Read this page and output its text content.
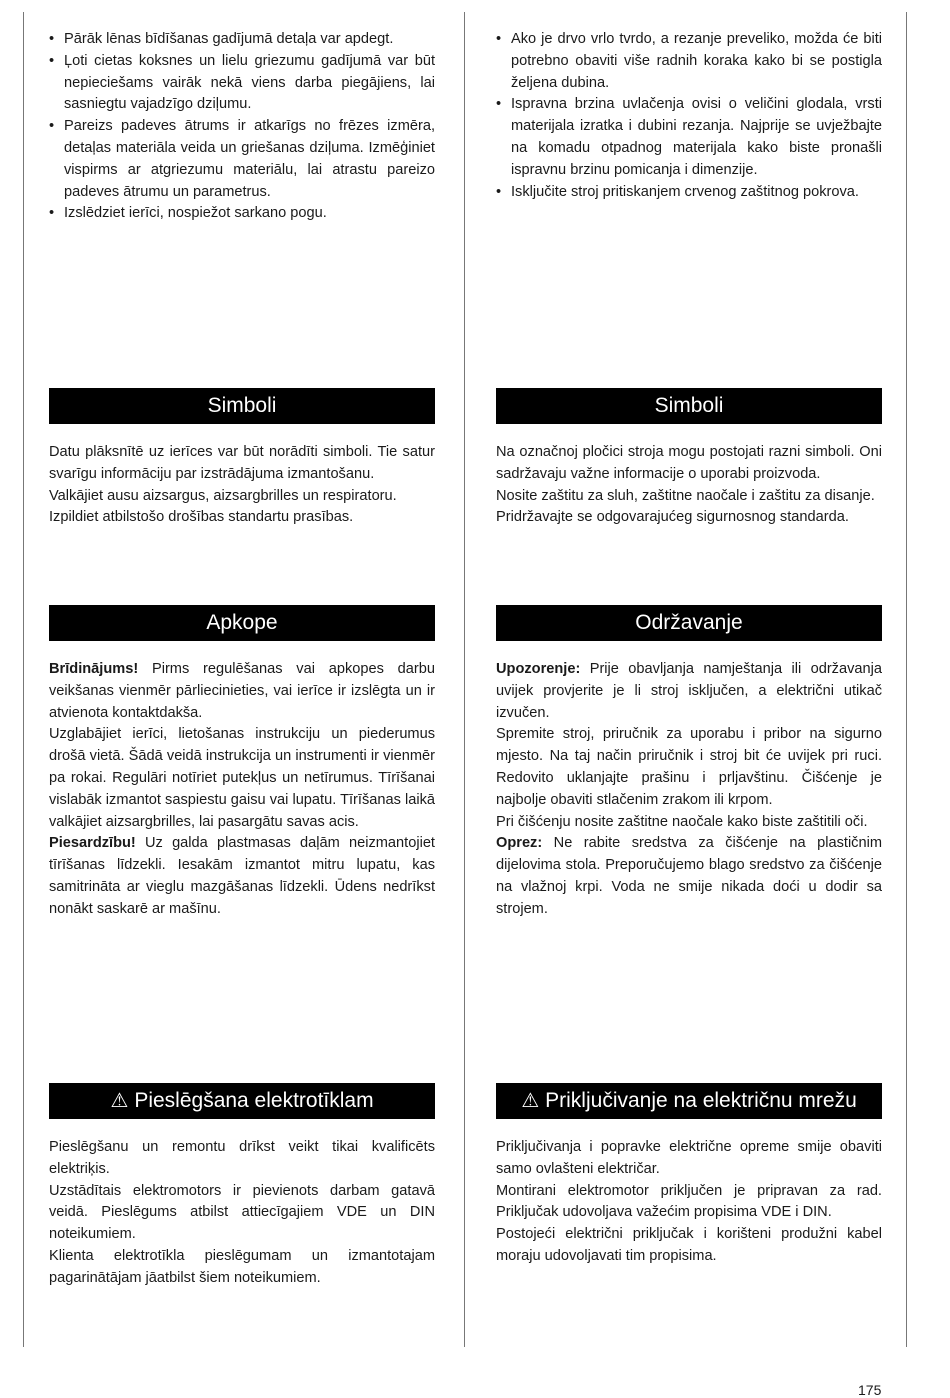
• Pārāk lēnas bīdīšanas gadījumā detaļa var apdegt.
• Ļoti cietas koksnes un lielu griezumu gadījumā var būt nepieciešams vairāk nekā viens darba piegājiens, lai sasniegtu vajadzīgo dziļumu.
• Pareizs padeves ātrums ir atkarīgs no frēzes izmēra, detaļas materiāla veida un griešanas dziļuma. Izmēģiniet vispirms ar atgriezumu materiālu, lai atrastu pareizo padeves ātrumu un parametrus.
• Izslēdziet ierīci, nospiežot sarkano pogu.
Simboli

Datu plāksnītē uz ierīces var būt norādīti simboli. Tie satur svarīgu informāciju par izstrādājuma izmantošanu.

Valkājiet ausu aizsargus, aizsargbrilles un respiratoru.

Izpildiet atbilstošo drošības standartu prasības.

Apkope

Brīdinājums! Pirms regulēšanas vai apkopes darbu veikšanas vienmēr pārliecinieties, vai ierīce ir izslēgta un ir atvienota kontaktdakša.

Uzglabājiet ierīci, lietošanas instrukciju un piederumus drošā vietā. Šādā veidā instrukcija un instrumenti ir vienmēr pa rokai. Regulāri notīriet putekļus un netīrumus. Tīrīšanai vislabāk izmantot saspiestu gaisu vai lupatu. Tīrīšanas laikā valkājiet aizsargbrilles, lai pasargātu savas acis.

Piesardzību! Uz galda plastmasas daļām neizmantojiet tīrīšanas līdzekli. Iesakām izmantot mitru lupatu, kas samitrināta ar vieglu mazgāšanas līdzekli. Ūdens nedrīkst nonākt saskarē ar mašīnu.

⚠ Pieslēgšana elektrotīklam

Pieslēgšanu un remontu drīkst veikt tikai kvalificēts elektriķis.

Uzstādītais elektromotors ir pievienots darbam gatavā veidā. Pieslēgums atbilst attiecīgajiem VDE un DIN noteikumiem.

Klienta elektrotīkla pieslēgumam un izmantotajam pagarinātājam jāatbilst šiem noteikumiem.

• Ako je drvo vrlo tvrdo, a rezanje preveliko, možda će biti potrebno obaviti više radnih koraka kako bi se postigla željena dubina.
• Ispravna brzina uvlačenja ovisi o veličini glodala, vrsti materijala izratka i dubini rezanja. Najprije se uvježbajte na komadu otpadnog materijala kako biste pronašli ispravnu brzinu pomicanja i dimenzije.
• Isključite stroj pritiskanjem crvenog zaštitnog pokrova.
Simboli

Na označnoj pločici stroja mogu postojati razni simboli. Oni sadržavaju važne informacije o uporabi proizvoda.

Nosite zaštitu za sluh, zaštitne naočale i zaštitu za disanje.

Pridržavajte se odgovarajućeg sigurnosnog standarda.

Održavanje

Upozorenje: Prije obavljanja namještanja ili održavanja uvijek provjerite je li stroj isključen, a električni utikač izvučen.

Spremite stroj, priručnik za uporabu i pribor na sigurno mjesto. Na taj način priručnik i stroj bit će uvijek pri ruci. Redovito uklanjajte prašinu i prljavštinu. Čišćenje je najbolje obaviti stlačenim zrakom ili krpom.

Pri čišćenju nosite zaštitne naočale kako biste zaštitili oči.

Oprez: Ne rabite sredstva za čišćenje na plastičnim dijelovima stola. Preporučujemo blago sredstvo za čišćenje na vlažnoj krpi. Voda ne smije nikada doći u dodir sa strojem.

⚠ Priključivanje na električnu mrežu

Priključivanja i popravke električne opreme smije obaviti samo ovlašteni električar.

Montirani elektromotor priključen je pripravan za rad. Priključak udovoljava važećim propisima VDE i DIN.

Postojeći električni priključak i korišteni produžni kabel moraju udovoljavati tim propisima.

175
